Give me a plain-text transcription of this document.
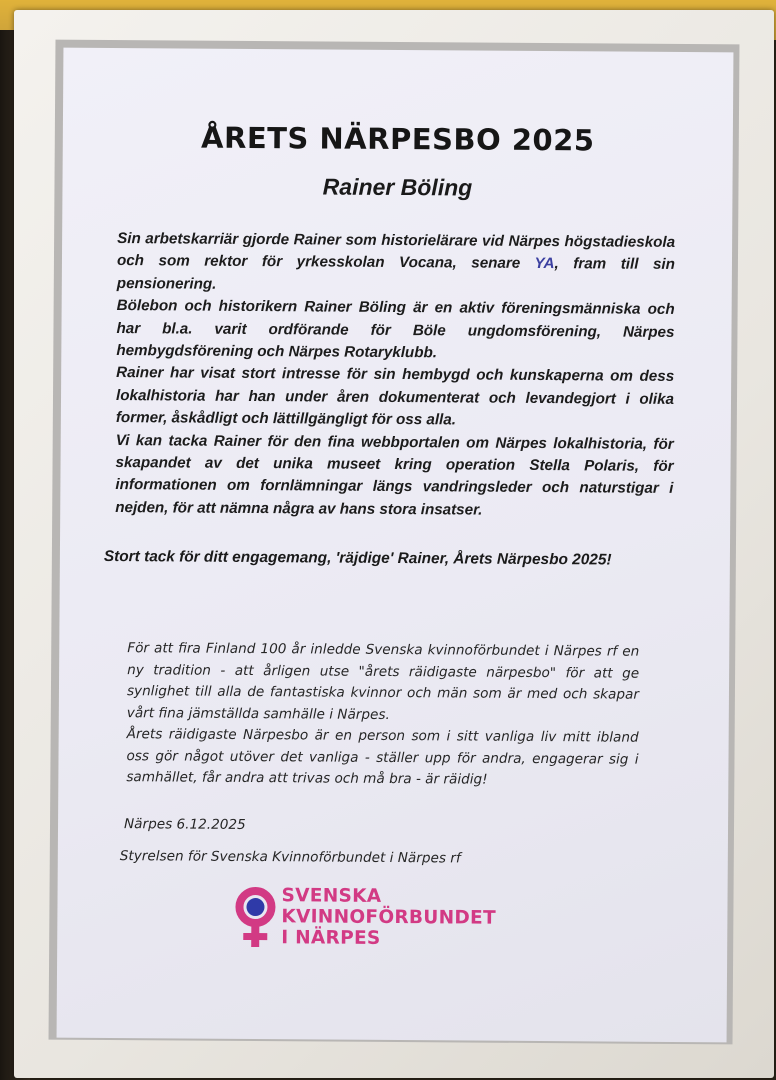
ÅRETS NÄRPESBO 2025
Rainer Böling

Sin arbetskarriär gjorde Rainer som historielärare vid Närpes högstadieskola och som rektor för yrkesskolan Vocana, senare YA, fram till sin pensionering.

Bölebon och historikern Rainer Böling är en aktiv föreningsmänniska och har bl.a. varit ordförande för Böle ungdomsförening, Närpes hembygdsförening och Närpes Rotaryklubb.

Rainer har visat stort intresse för sin hembygd och kunskaperna om dess lokalhistoria har han under åren dokumenterat och levandegjort i olika former, åskådligt och lättillgängligt för oss alla.

Vi kan tacka Rainer för den fina webbportalen om Närpes lokalhistoria, för skapandet av det unika museet kring operation Stella Polaris, för informationen om fornlämningar längs vandringsleder och naturstigar i nejden, för att nämna några av hans stora insatser.

Stort tack för ditt engagemang, 'räjdige' Rainer, Årets Närpesbo 2025!

För att fira Finland 100 år inledde Svenska kvinnoförbundet i Närpes rf en ny tradition - att årligen utse "årets räidigaste närpesbo" för att ge synlighet till alla de fantastiska kvinnor och män som är med och skapar vårt fina jämställda samhälle i Närpes.

Årets räidigaste Närpesbo är en person som i sitt vanliga liv mitt ibland oss gör något utöver det vanliga - ställer upp för andra, engagerar sig i samhället, får andra att trivas och må bra - är räidig!

Närpes 6.12.2025
Styrelsen för Svenska Kvinnoförbundet i Närpes rf
SVENSKA
KVINNOFÖRBUNDET
I NÄRPES
